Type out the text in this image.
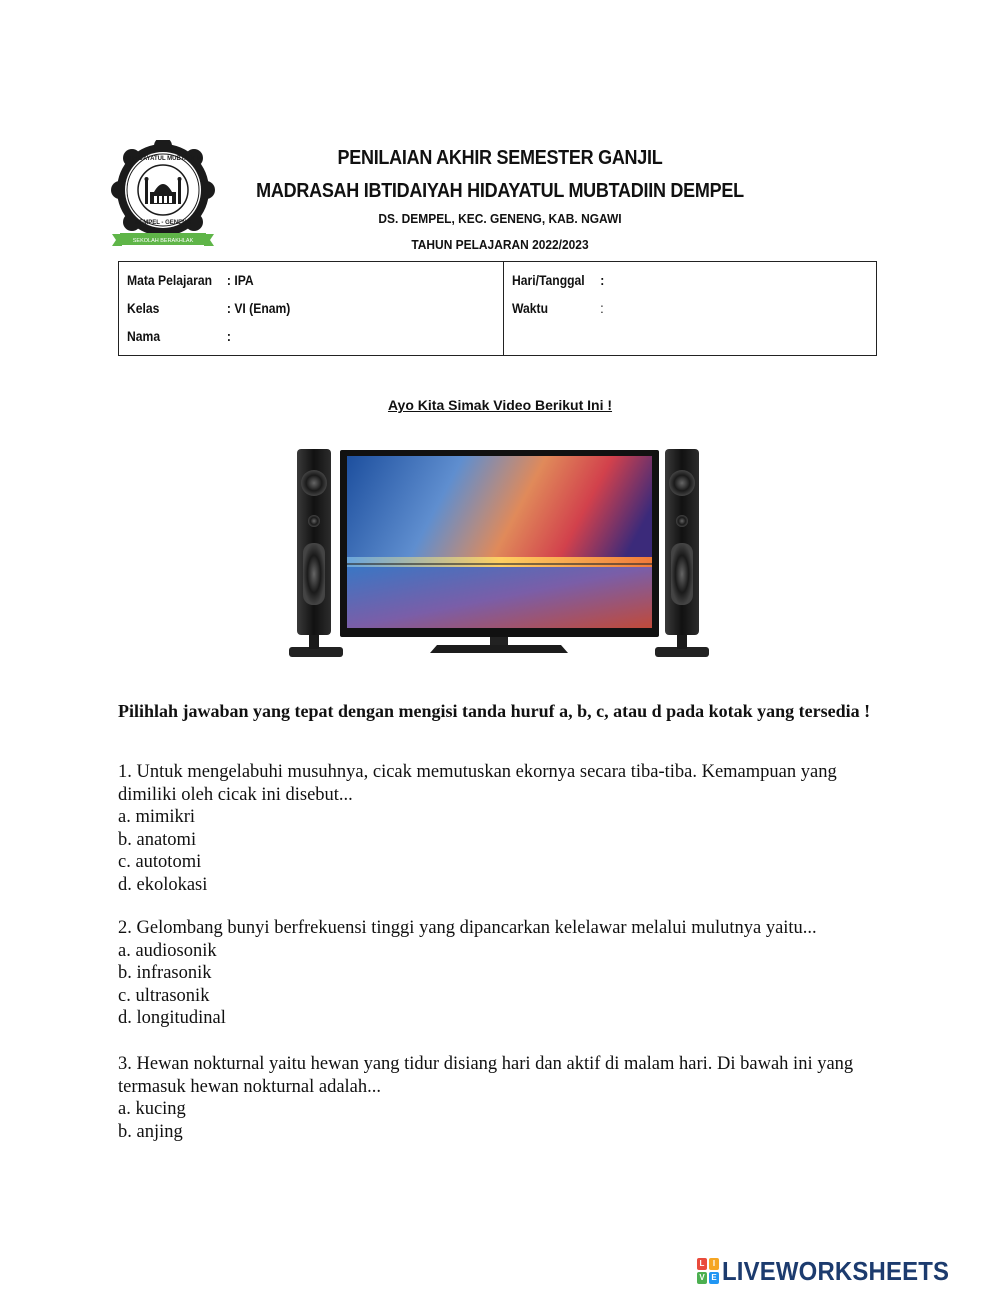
MI HIDAYATUL MUBTADI'IN
DEMPEL - GENENG
SEKOLAH BERAKHLAK
PENILAIAN AKHIR SEMESTER GANJIL
MADRASAH IBTIDAIYAH HIDAYATUL MUBTADIIN DEMPEL
DS. DEMPEL, KEC. GENENG, KAB. NGAWI
TAHUN PELAJARAN 2022/2023
Mata Pelajaran : IPA
Kelas	: VI (Enam)
Nama	:
Hari/Tanggal :
Waktu	:
Ayo Kita Simak Video Berikut Ini !
Pilihlah jawaban yang tepat dengan mengisi tanda huruf a, b, c, atau d pada kotak yang tersedia !

1. Untuk mengelabuhi musuhnya, cicak memutuskan ekornya secara tiba-tiba. Kemampuan yang dimiliki oleh cicak ini disebut...

a. mimikri

b. anatomi

c. autotomi

d. ekolokasi

2. Gelombang bunyi berfrekuensi tinggi yang dipancarkan kelelawar melalui mulutnya yaitu...

a. audiosonik

b. infrasonik

c. ultrasonik

d. longitudinal

3. Hewan nokturnal yaitu hewan yang tidur disiang hari dan aktif di malam hari. Di bawah ini yang termasuk hewan nokturnal adalah...

a. kucing

b. anjing

L	I
V E LIVEWORKSHEETS
